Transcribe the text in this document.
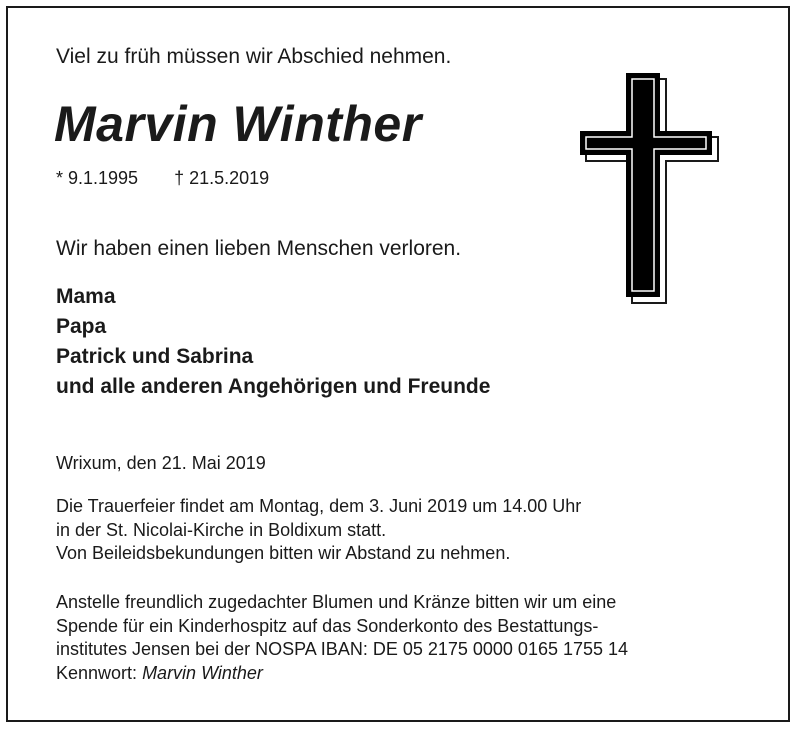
Viel zu früh müssen wir Abschied nehmen.

Marvin Winther

* 9.1.1995 † 21.5.2019

Wir haben einen lieben Menschen verloren.

Mama
Papa
Patrick und Sabrina
und alle anderen Angehörigen und Freunde

Wrixum, den 21. Mai 2019

Die Trauerfeier findet am Montag, dem 3. Juni 2019 um 14.00 Uhr
in der St. Nicolai-Kirche in Boldixum statt.
Von Beileidsbekundungen bitten wir Abstand zu nehmen.
Anstelle freundlich zugedachter Blumen und Kränze bitten wir um eine
Spende für ein Kinderhospitz auf das Sonderkonto des Bestattungs-
institutes Jensen bei der NOSPA IBAN: DE 05 2175 0000 0165 1755 14
Kennwort: Marvin Winther
